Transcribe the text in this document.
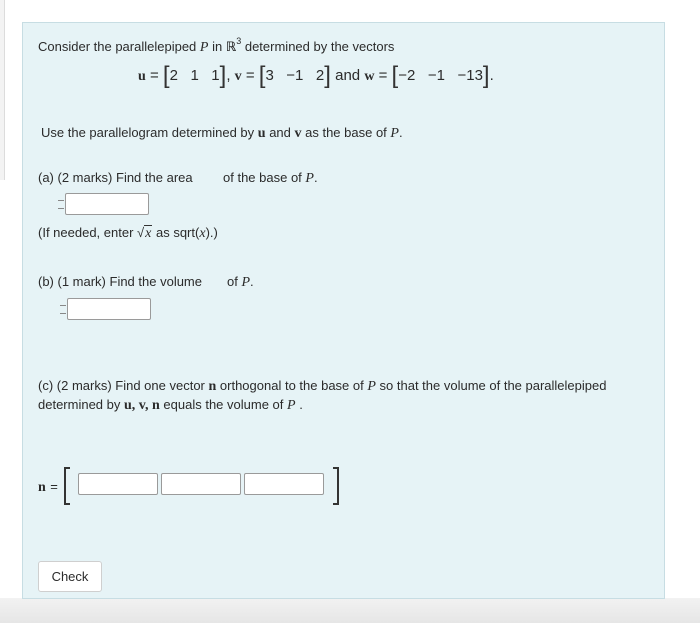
Consider the parallelepiped P in ℝ$^3$ determined by the vectors
u = [2 1 1], v = [3 −1 2] and w = [−2 −1 −13].
Use the parallelogram determined by u and v as the base of P.
(a) (2 marks) Find the area of the base of P.
(If needed, enter √x as sqrt(x).)
(b) (1 mark) Find the volume of P.
(c) (2 marks) Find one vector n orthogonal to the base of P so that the volume of the parallelepiped
determined by u, v, n equals the volume of P .
n =
Check
